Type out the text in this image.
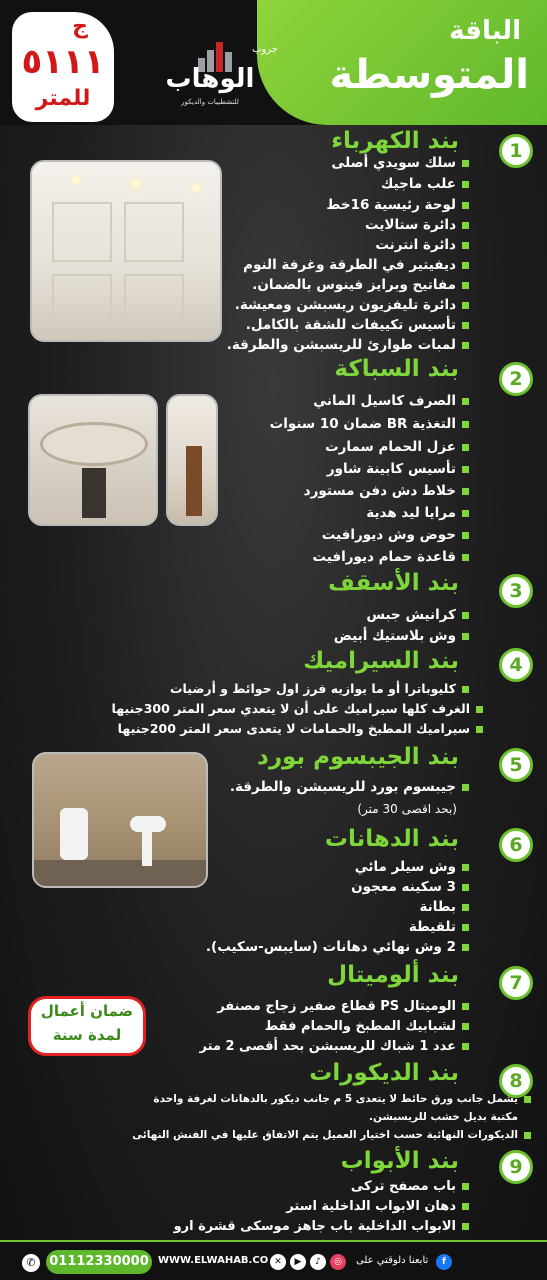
الباقة
المتوسطة
جروب
الوهاب
للتشطيبات والديكور
ج
٥١١١
للمتر
1
بند الكهرباء
سلك سويدي أصلى
علب ماجيك
لوحة رئيسية 16خط
دائرة ستالايت
دائرة انترنت
ديفيتير في الطرقة وغرفة النوم
مفاتيح وبرايز فينوس بالضمان.
دائرة تليفزيون ريسبشن ومعيشة.
تأسيس تكييفات للشقة بالكامل.
لمبات طوارئ للريسبشن والطرقة.
2
بند السباكة
الصرف كاسيل الماني
التغذية BR ضمان 10 سنوات
عزل الحمام سمارت
تأسيس كابينة شاور
خلاط دش دفن مستورد
مرايا ليد هدية
حوض وش ديورافيت
قاعدة حمام ديورافيت
3
بند الأسقف
كرانيش جبس
وش بلاستيك أبيض
4
بند السيراميك
كليوباترا أو ما يوازيه فرز اول حوائط و أرضيات
الغرف كلها سيراميك على أن لا يتعدي سعر المتر 300جنيها
سيراميك المطبخ والحمامات لا يتعدى سعر المتر 200جنيها
5
بند الجيبسوم بورد
جيبسوم بورد للريسبشن والطرقة.
(بحد اقصى 30 متر)
6
بند الدهانات
وش سيلر مائي
3 سكينه معجون
بطانة
تلقيطة
2 وش نهائي دهانات (سايبس-سكيب).
7
بند ألوميتال
الوميتال PS قطاع صفير زجاج مصنفر
لشبابيك المطبخ والحمام فقط
عدد 1 شباك للريسبشن بحد أقصى 2 متر
ضمان أعمال
لمدة سنة
8
بند الديكورات
يشمل جانب ورق حائط لا يتعدى 5 م جانب ديكور بالدهانات لغرفة واحدة
مكتبة بديل خشب للريسبشن.
الديكورات النهائية حسب اختيار العميل يتم الاتفاق عليها في الفنش النهائى
9
بند الأبواب
باب مصفح تركى
دهان الابواب الداخلية استر
الابواب الداخلية باب جاهز موسكى قشرة ارو
✆	01112330000 WWW.ELWAHAB.CO ✕	▶	♪	◎	f
تابعنا دلوقتي على
